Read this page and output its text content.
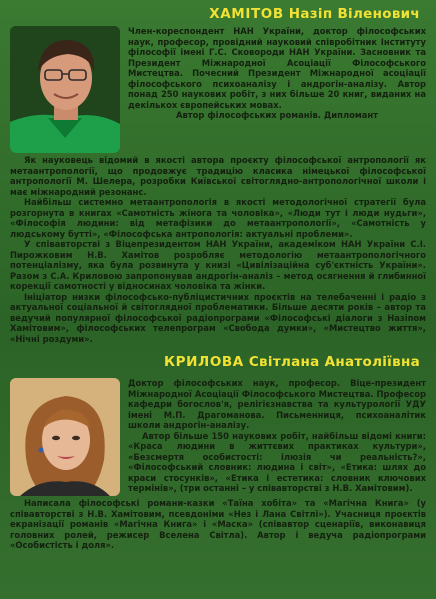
ХАМІТОВ Назіп Віленович

Член-кореспондент НАН України, доктор філософських наук, професор, провідний науковий співробітник Інституту філософії імені Г.С. Сковороди НАН України. Засновник та Президент Міжнародної Асоціації Філософського Мистецтва. Почесний Президент Міжнародної асоціації філософського психоаналізу і андрогін-аналізу. Автор понад 250 наукових робіт, з них більше 20 книг, виданих на декількох європейських мовах.

Автор філософських романів. Дипломант

Як науковець відомий в якості автора проєкту філософської антропології як метаантропології, що продовжує традицію класика німецької філософської антропології М. Шелера, розробки Київської світоглядно-антропологічної школи і має міжнародний резонанс.

Найбільш системно метаантропологія в якості методологічної стратегії була розгорнута в книгах «Самотність жінога та чоловіка», «Люди тут і люди нудьги», «Філософія людини: від метафізики до метаантропології», «Самотність у людському бутті», «Філософська антропологія: актуальні проблеми».

У співавторстві з Віцепрезидентом НАН України, академіком НАН України С.І. Пирожковим Н.В. Хамітов розробляє методологію метаантропологічного потенціалізму, яка була розвинута у книзі «Цивілізаційна суб'єктність України». Разом з С.А. Криловою запропонував андрогін-аналіз – метод осягнення й глибинної корекції самотності у відносинах чоловіка та жінки.

Ініціатор низки філософсько-публіцистичних проєктів на телебаченні і радіо з актуальної соціальної й світоглядної проблематики. Більше десяти років – автор та ведучий популярної філософської радіопрограми «Філософські діалоги з Назіпом Хамітовим», філософських телепрограм «Свобода думки», «Мистецтво життя», «Нічні роздуми».

КРИЛОВА Світлана Анатоліївна

Доктор філософських наук, професор. Віце-президент Міжнародної Асоціації Філософського Мистецтва. Професор кафедри богослов'я, релігієзнавства та культурології УДУ імені М.П. Драгоманова. Письменниця, психоаналітик школи андрогін-аналізу.

Автор більше 150 наукових робіт, найбільш відомі книги: «Краса людини в життєвих практиках культури», «Безсмертя особистості: ілюзія чи реальність?», «Філософський словник: людина і світ», «Етика: шлях до краси стосунків», «Етика і естетика: словник ключових термінів», (три останні – у співавторстві з Н.В. Хамітовим).

Написала філософські романи-казки «Таїна хобіта» та «Магічна Книга» (у співавторстві з Н.В. Хамітовим, псевдоніми «Нез і Лана Світлі»). Учасниця проєктів екранізації романів «Магічна Книга» і «Маска» (співавтор сценаріїв, виконавиця головних ролей, режисер Вселена Світла). Автор і ведуча радіопрограми «Особистість і доля».
